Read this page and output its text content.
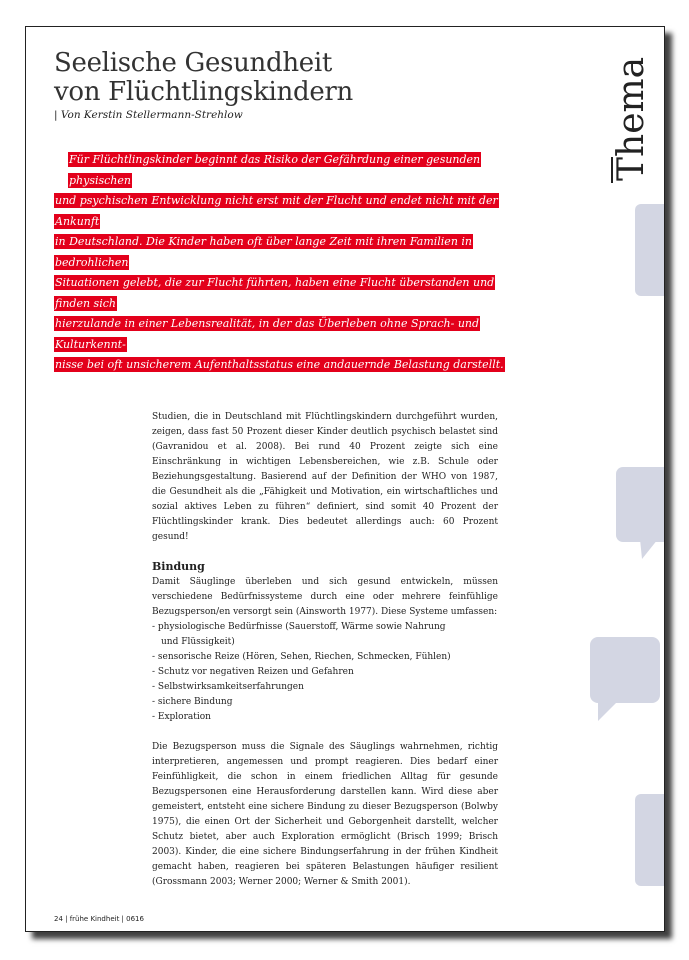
Seelische Gesundheit
von Flüchtlingskindern
| Von Kerstin Stellermann-Strehlow	Thema
Für Flüchtlingskinder beginnt das Risiko der Gefährdung einer gesunden physischen
und psychischen Entwicklung nicht erst mit der Flucht und endet nicht mit der Ankunft
in Deutschland. Die Kinder haben oft über lange Zeit mit ihren Familien in bedrohlichen
Situationen gelebt, die zur Flucht führten, haben eine Flucht überstanden und finden sich
hierzulande in einer Lebensrealität, in der das Überleben ohne Sprach- und Kulturkennt-
nisse bei oft unsicherem Aufenthaltsstatus eine andauernde Belastung darstellt.

Studien, die in Deutschland mit Flüchtlingskindern durchgeführt wurden, zeigen, dass fast 50 Prozent dieser Kinder deutlich psychisch belastet sind (Gavranidou et al. 2008). Bei rund 40 Prozent zeigte sich eine Einschränkung in wichtigen Lebensbereichen, wie z.B. Schule oder Beziehungsgestaltung. Basierend auf der Definition der WHO von 1987, die Gesundheit als die „Fähigkeit und Motivation, ein wirtschaftliches und sozial aktives Leben zu führen“ definiert, sind somit 40 Prozent der Flüchtlingskinder krank. Dies bedeutet allerdings auch: 60 Prozent gesund!

Bindung

Damit Säuglinge überleben und sich gesund entwickeln, müssen verschiedene Bedürfnissysteme durch eine oder mehrere feinfühlige Bezugsperson/en versorgt sein (Ainsworth 1977). Diese Systeme umfassen:

- physiologische Bedürfnisse (Sauerstoff, Wärme sowie Nahrung
und Flüssigkeit)
- sensorische Reize (Hören, Sehen, Riechen, Schmecken, Fühlen)
- Schutz vor negativen Reizen und Gefahren
- Selbstwirksamkeitserfahrungen
- sichere Bindung
- Exploration

Die Bezugsperson muss die Signale des Säuglings wahrnehmen, richtig interpretieren, angemessen und prompt reagieren. Dies bedarf einer Feinfühligkeit, die schon in einem friedlichen Alltag für gesunde Bezugspersonen eine Herausforderung darstellen kann. Wird diese aber gemeistert, entsteht eine sichere Bindung zu dieser Bezugsperson (Bolwby 1975), die einen Ort der Sicherheit und Geborgenheit darstellt, welcher Schutz bietet, aber auch Exploration ermöglicht (Brisch 1999; Brisch 2003). Kinder, die eine sichere Bindungserfahrung in der frühen Kindheit gemacht haben, reagieren bei späteren Belastungen häufiger resilient (Grossmann 2003; Werner 2000; Werner & Smith 2001).

24 | frühe Kindheit | 0616
